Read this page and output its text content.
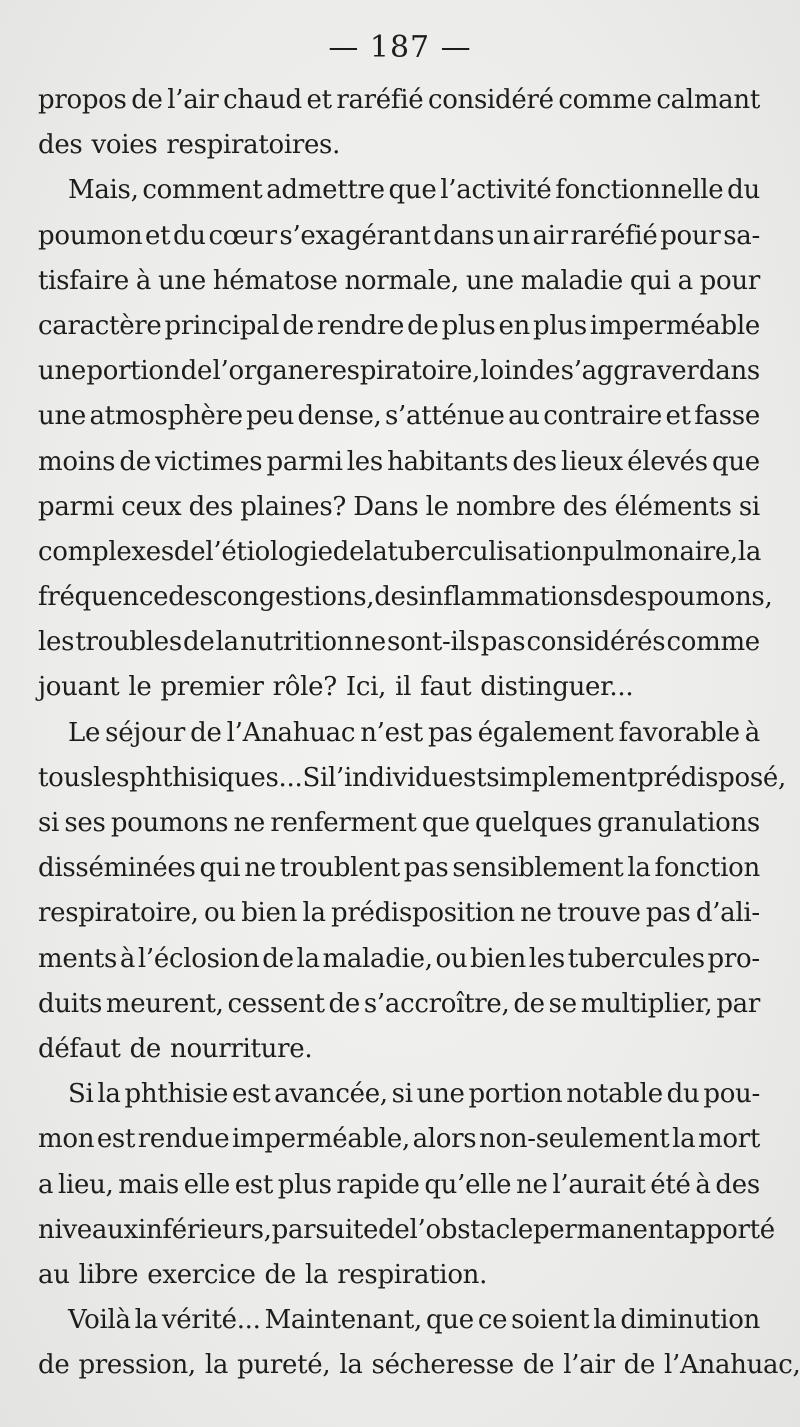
— 187 —
propos de l’air chaud et raréfié considéré comme calmant
des voies respiratoires.
Mais, comment admettre que l’activité fonctionnelle du
poumon et du cœur s’exagérant dans un air raréfié pour sa-
tisfaire à une hématose normale, une maladie qui a pour
caractère principal de rendre de plus en plus imperméable
une portion de l’organe respiratoire, loin de s’aggraver dans
une atmosphère peu dense, s’atténue au contraire et fasse
moins de victimes parmi les habitants des lieux élevés que
parmi ceux des plaines? Dans le nombre des éléments si
complexes de l’étiologie de la tuberculisation pulmonaire, la
fréquence des congestions, des inflammations des poumons,
les troubles de la nutrition ne sont-ils pas considérés comme
jouant le premier rôle? Ici, il faut distinguer...
Le séjour de l’Anahuac n’est pas également favorable à
tous les phthisiques... Si l’individu est simplement prédisposé,
si ses poumons ne renferment que quelques granulations
disséminées qui ne troublent pas sensiblement la fonction
respiratoire, ou bien la prédisposition ne trouve pas d’ali-
ments à l’éclosion de la maladie, ou bien les tubercules pro-
duits meurent, cessent de s’accroître, de se multiplier, par
défaut de nourriture.
Si la phthisie est avancée, si une portion notable du pou-
mon est rendue imperméable, alors non-seulement la mort
a lieu, mais elle est plus rapide qu’elle ne l’aurait été à des
niveaux inférieurs, par suite de l’obstacle permanent apporté
au libre exercice de la respiration.
Voilà la vérité... Maintenant, que ce soient la diminution
de pression, la pureté, la sécheresse de l’air de l’Anahuac,
